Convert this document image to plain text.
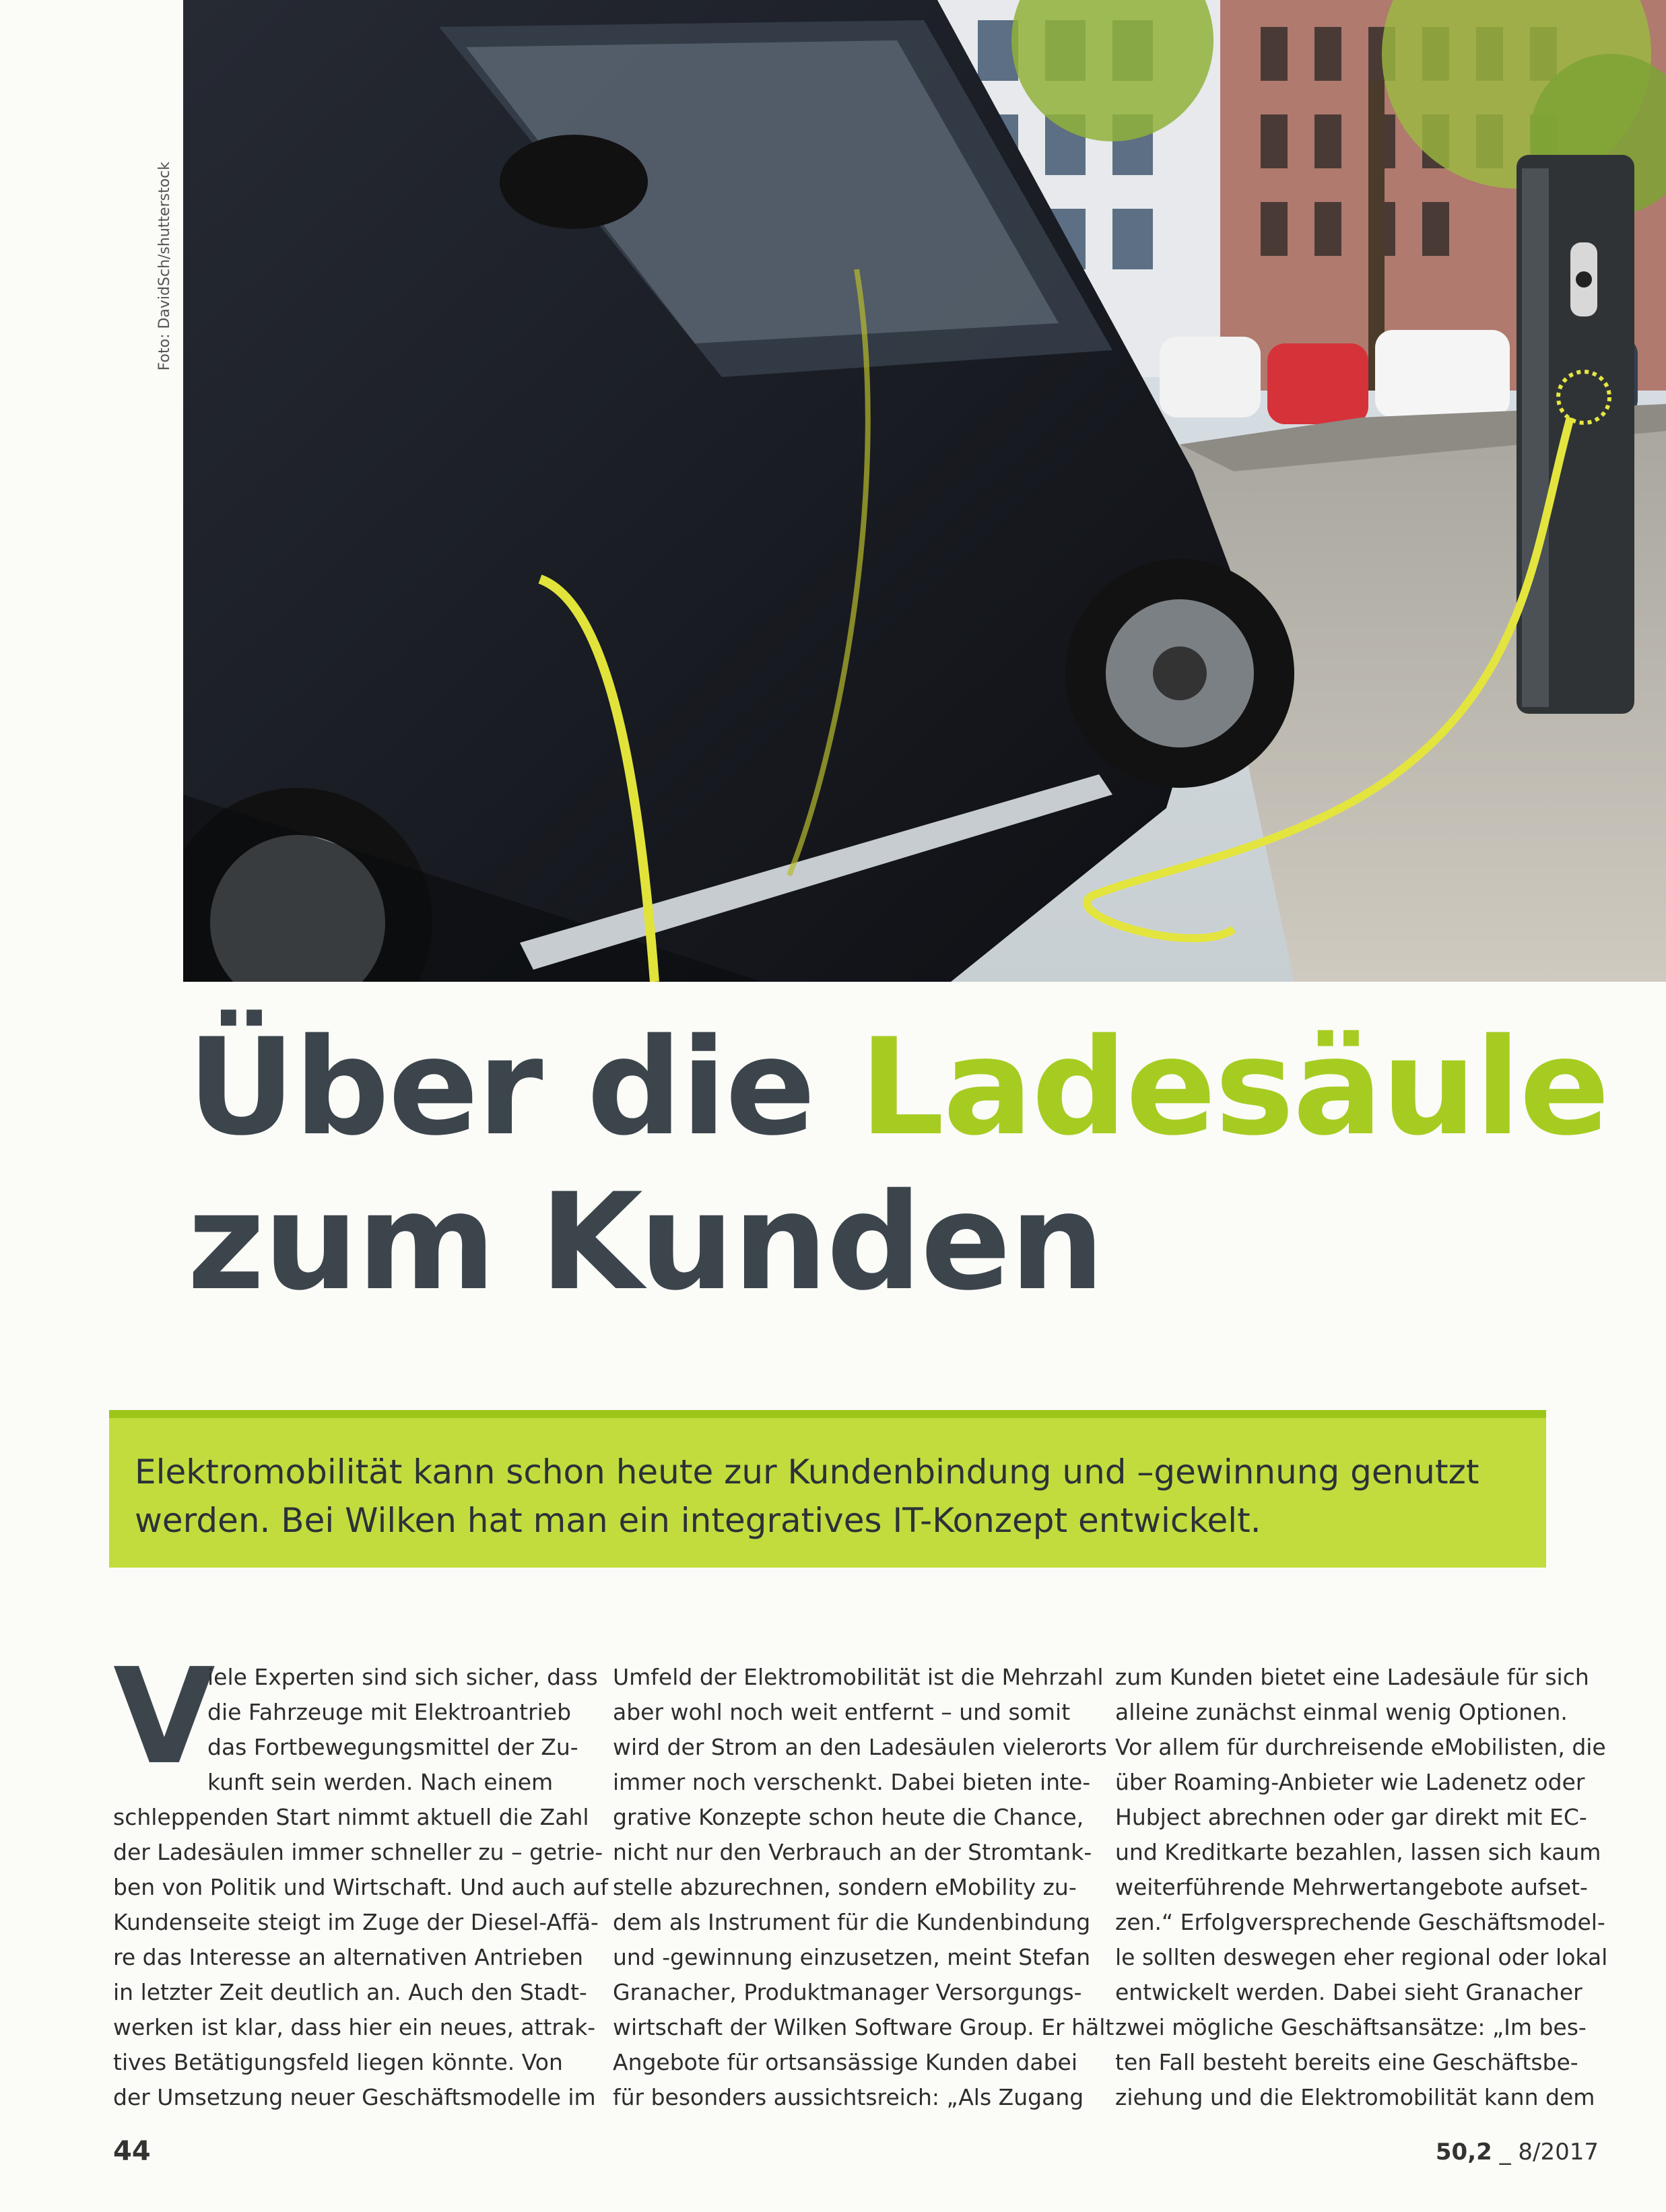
Foto: DavidSch/shutterstock
Über die Ladesäule
zum Kunden
Elektromobilität kann schon heute zur Kundenbindung und –gewinnung genutzt
werden. Bei Wilken hat man ein integratives IT-Konzept entwickelt.
V
iele Experten sind sich sicher, dass
die Fahrzeuge mit Elektroantrieb
das Fortbewegungsmittel der Zu-
kunft sein werden. Nach einem
schleppenden Start nimmt aktuell die Zahl
der Ladesäulen immer schneller zu – getrie-
ben von Politik und Wirtschaft. Und auch auf
Kundenseite steigt im Zuge der Diesel-Affä-
re das Interesse an alternativen Antrieben
in letzter Zeit deutlich an. Auch den Stadt-
werken ist klar, dass hier ein neues, attrak-
tives Betätigungsfeld liegen könnte. Von
der Umsetzung neuer Geschäftsmodelle im
Umfeld der Elektromobilität ist die Mehrzahl
aber wohl noch weit entfernt – und somit
wird der Strom an den Ladesäulen vielerorts
immer noch verschenkt. Dabei bieten inte-
grative Konzepte schon heute die Chance,
nicht nur den Verbrauch an der Stromtank-
stelle abzurechnen, sondern eMobility zu-
dem als Instrument für die Kundenbindung
und -gewinnung einzusetzen, meint Stefan
Granacher, Produktmanager Versorgungs-
wirtschaft der Wilken Software Group. Er hält
Angebote für ortsansässige Kunden dabei
für besonders aussichtsreich: „Als Zugang
zum Kunden bietet eine Ladesäule für sich
alleine zunächst einmal wenig Optionen.
Vor allem für durchreisende eMobilisten, die
über Roaming-Anbieter wie Ladenetz oder
Hubject abrechnen oder gar direkt mit EC-
und Kreditkarte bezahlen, lassen sich kaum
weiterführende Mehrwertangebote aufset-
zen.“ Erfolgversprechende Geschäftsmodel-
le sollten deswegen eher regional oder lokal
entwickelt werden. Dabei sieht Granacher
zwei mögliche Geschäftsansätze: „Im bes-
ten Fall besteht bereits eine Geschäftsbe-
ziehung und die Elektromobilität kann dem
44	50,2 _ 8/2017
